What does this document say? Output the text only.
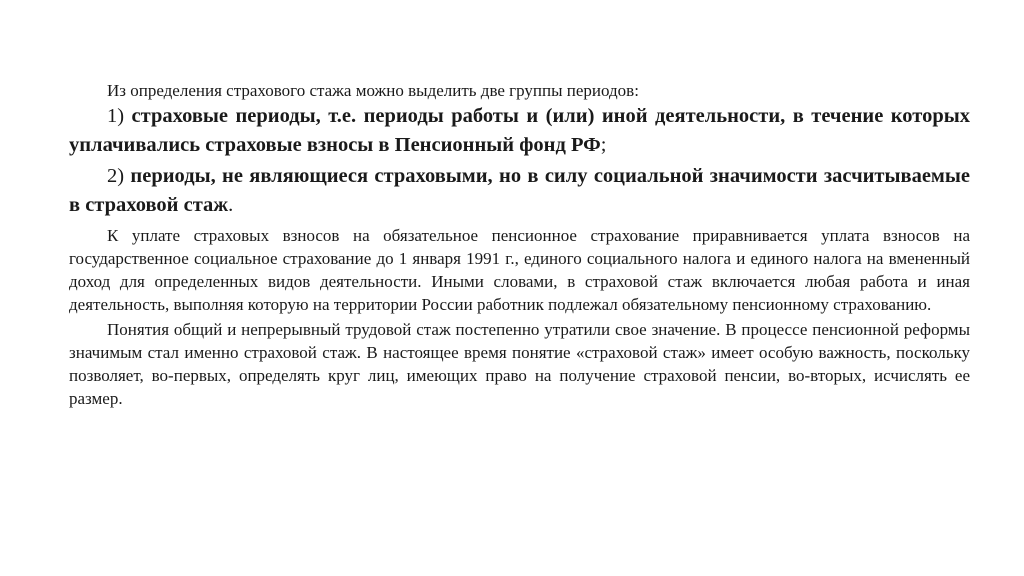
Из определения страхового стажа можно выделить две группы периодов:

1) страховые периоды, т.е. периоды работы и (или) иной деятельности, в течение которых уплачивались страховые взносы в Пенсионный фонд РФ;

2) периоды, не являющиеся страховыми, но в силу социальной значимости засчитываемые в страховой стаж.

К уплате страховых взносов на обязательное пенсионное страхование приравнивается уплата взносов на государственное социальное страхование до 1 января 1991 г., единого социального налога и единого налога на вмененный доход для определенных видов деятельности. Иными словами, в страховой стаж включается любая работа и иная деятельность, выполняя которую на территории России работник подлежал обязательному пенсионному страхованию.

Понятия общий и непрерывный трудовой стаж постепенно утратили свое значение. В процессе пенсионной реформы значимым стал именно страховой стаж. В настоящее время понятие «страховой стаж» имеет особую важность, поскольку позволяет, во-первых, определять круг лиц, имеющих право на получение страховой пенсии, во-вторых, исчислять ее размер.
